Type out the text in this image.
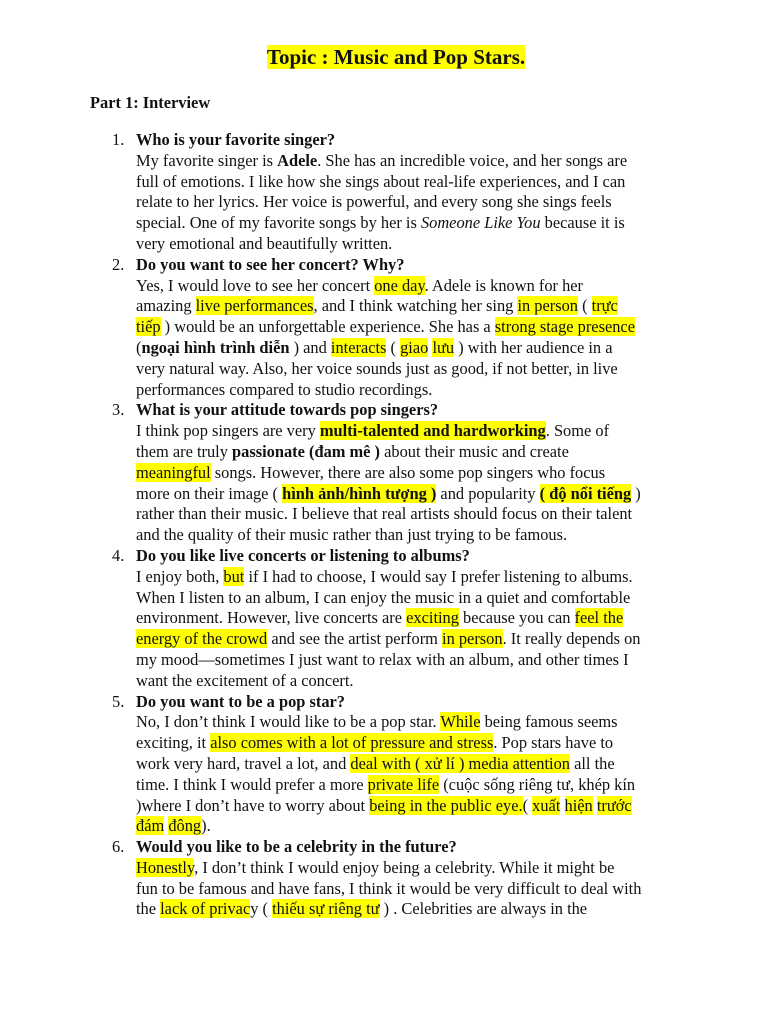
Topic : Music and Pop Stars.
Part 1: Interview
1. Who is your favorite singer?
My favorite singer is Adele. She has an incredible voice, and her songs are
full of emotions. I like how she sings about real-life experiences, and I can
relate to her lyrics. Her voice is powerful, and every song she sings feels
special. One of my favorite songs by her is Someone Like You because it is
very emotional and beautifully written.
2. Do you want to see her concert? Why?
Yes, I would love to see her concert one day. Adele is known for her
amazing live performances, and I think watching her sing in person ( trực
tiếp ) would be an unforgettable experience. She has a strong stage presence
(ngoại hình trình diễn ) and interacts ( giao lưu ) with her audience in a
very natural way. Also, her voice sounds just as good, if not better, in live
performances compared to studio recordings.
3. What is your attitude towards pop singers?
I think pop singers are very multi-talented and hardworking. Some of
them are truly passionate (đam mê ) about their music and create
meaningful songs. However, there are also some pop singers who focus
more on their image ( hình ảnh/hình tượng ) and popularity ( độ nổi tiếng )
rather than their music. I believe that real artists should focus on their talent
and the quality of their music rather than just trying to be famous.
4. Do you like live concerts or listening to albums?
I enjoy both, but if I had to choose, I would say I prefer listening to albums.
When I listen to an album, I can enjoy the music in a quiet and comfortable
environment. However, live concerts are exciting because you can feel the
energy of the crowd and see the artist perform in person. It really depends on
my mood—sometimes I just want to relax with an album, and other times I
want the excitement of a concert.
5. Do you want to be a pop star?
No, I don’t think I would like to be a pop star. While being famous seems
exciting, it also comes with a lot of pressure and stress. Pop stars have to
work very hard, travel a lot, and deal with ( xử lí ) media attention all the
time. I think I would prefer a more private life (cuộc sống riêng tư, khép kín
)where I don’t have to worry about being in the public eye.( xuất hiện trước
đám đông).
6. Would you like to be a celebrity in the future?
Honestly, I don’t think I would enjoy being a celebrity. While it might be
fun to be famous and have fans, I think it would be very difficult to deal with
the lack of privacy ( thiếu sự riêng tư ) . Celebrities are always in the
